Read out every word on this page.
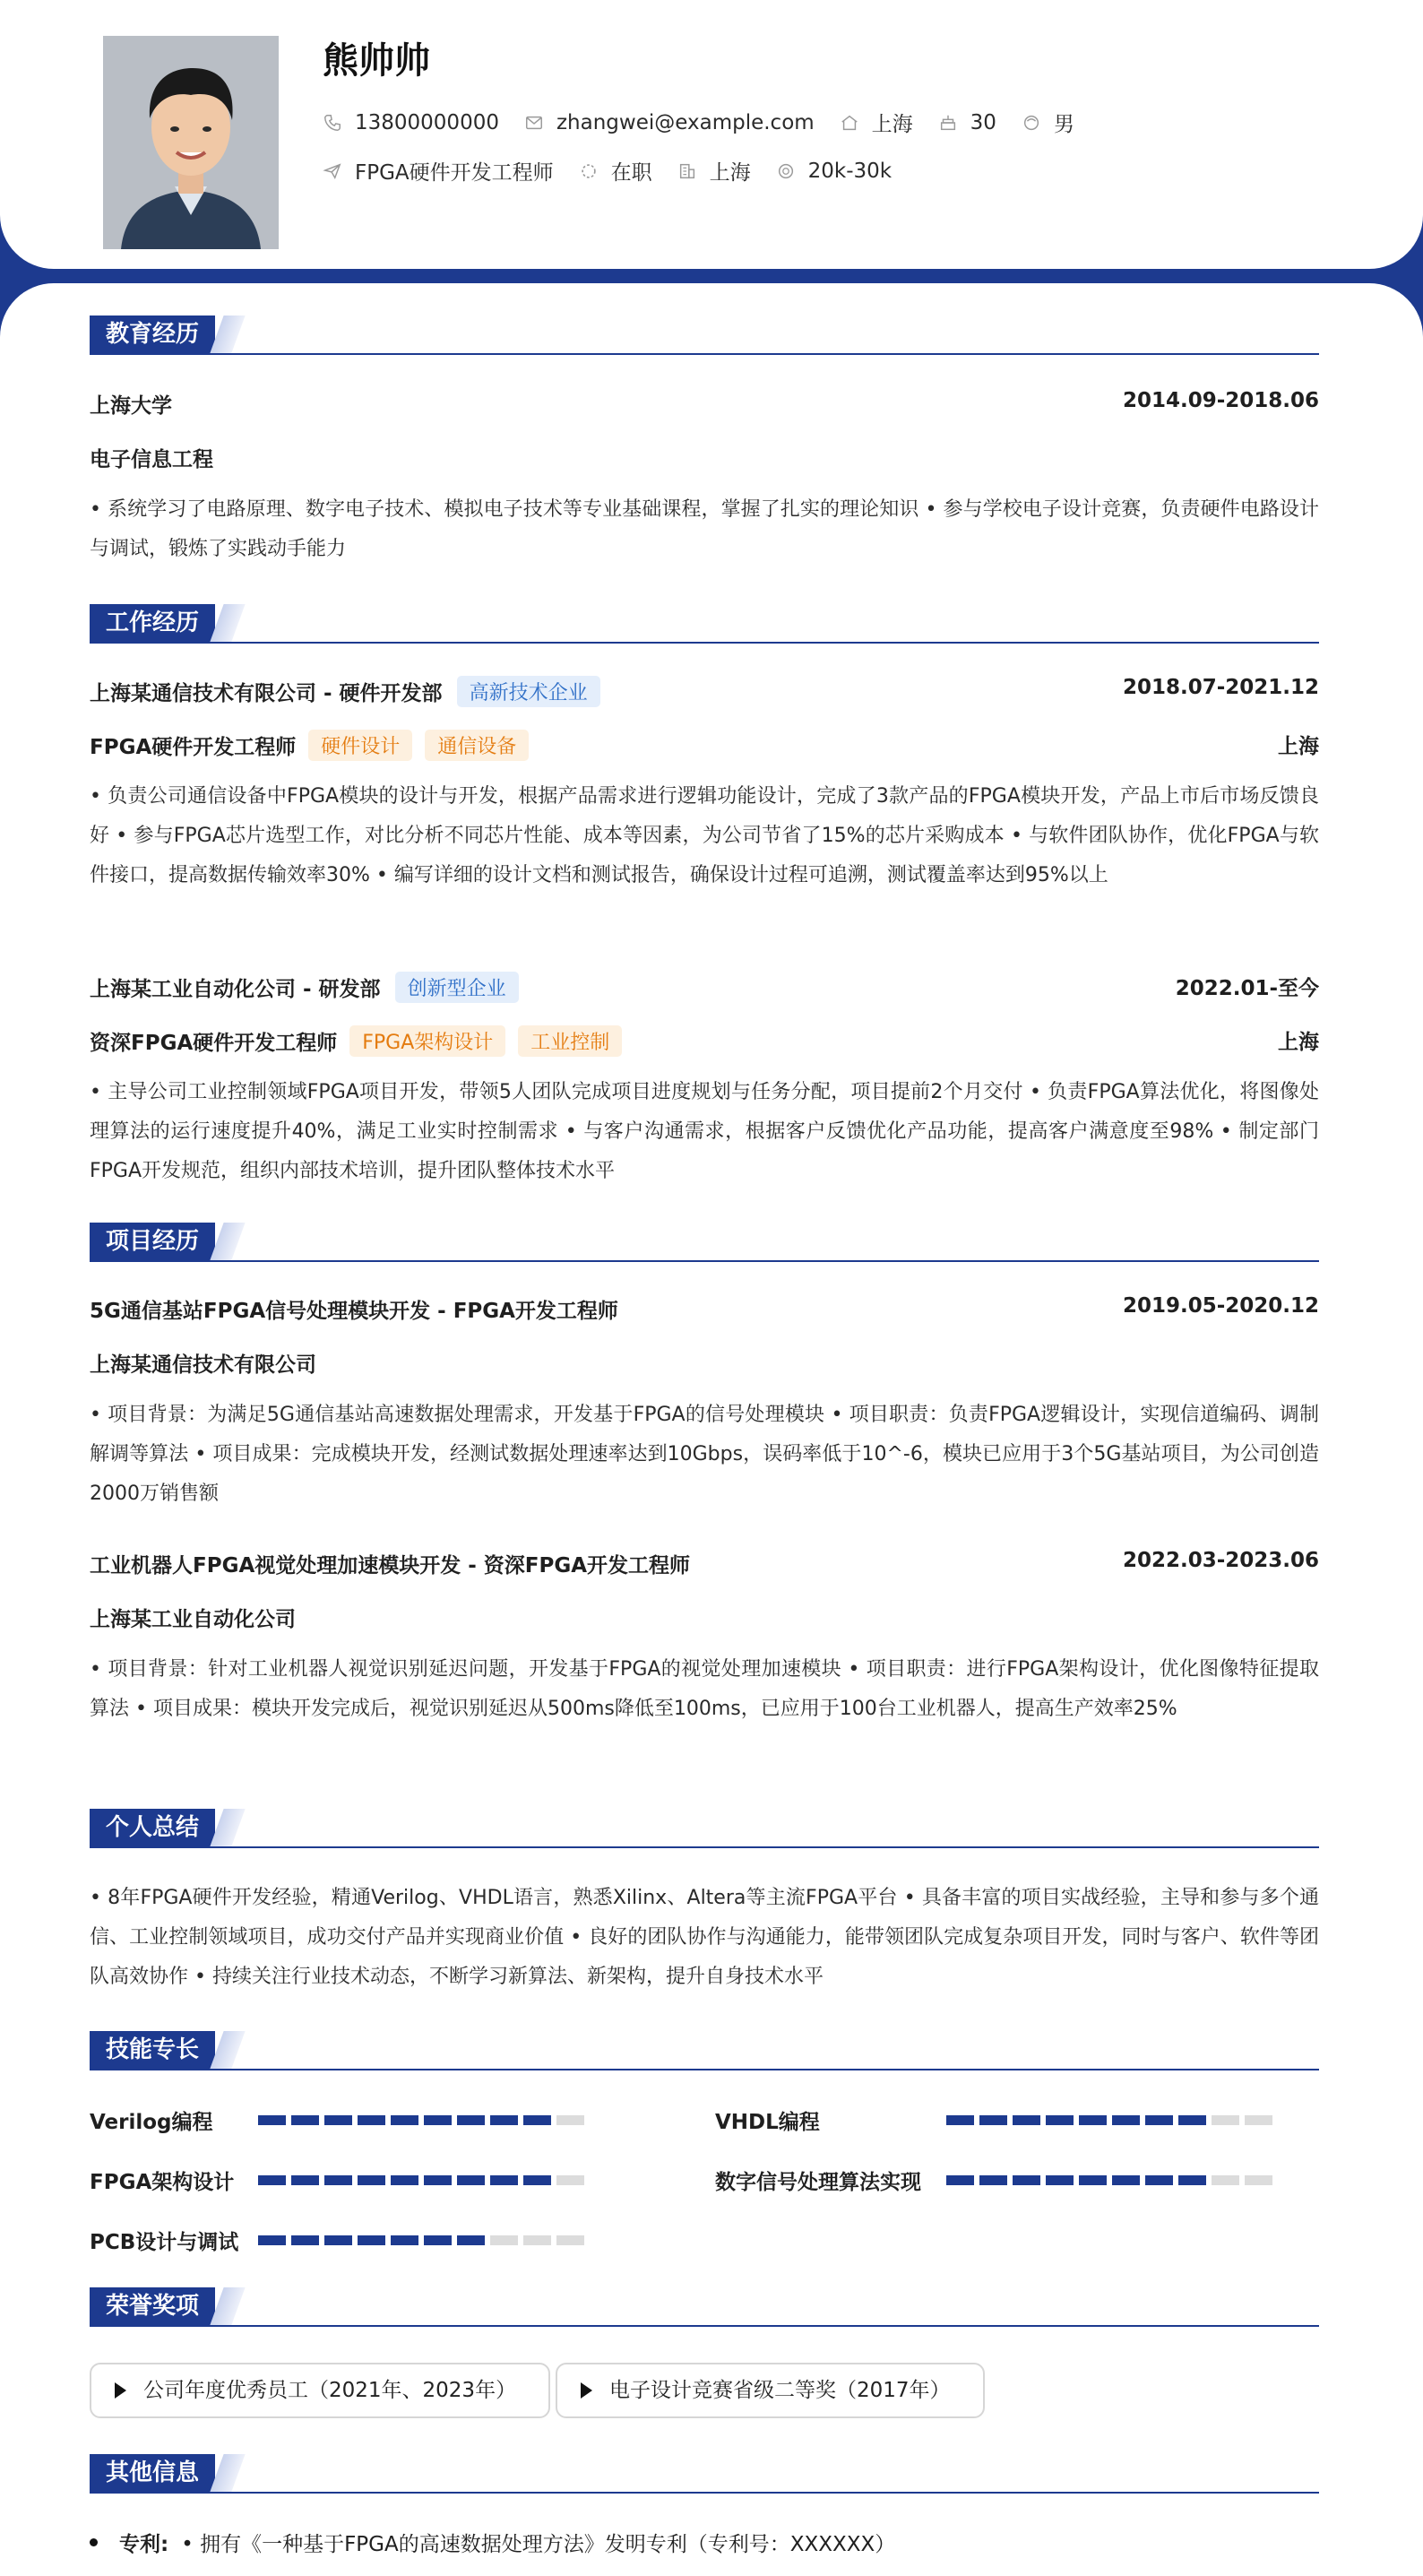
熊帅帅
13800000000	zhangwei@example.com	上海	30	男
FPGA硬件开发工程师	在职	上海	20k-30k
教育经历
上海大学	2014.09-2018.06
电子信息工程
• 系统学习了电路原理、数字电子技术、模拟电子技术等专业基础课程，掌握了扎实的理论知识 • 参与学校电子设计竞赛，负责硬件电路设计与调试，锻炼了实践动手能力
工作经历
上海某通信技术有限公司 - 硬件开发部	高新技术企业	2018.07-2021.12
FPGA硬件开发工程师	硬件设计	通信设备	上海
• 负责公司通信设备中FPGA模块的设计与开发，根据产品需求进行逻辑功能设计，完成了3款产品的FPGA模块开发，产品上市后市场反馈良好 • 参与FPGA芯片选型工作，对比分析不同芯片性能、成本等因素，为公司节省了15%的芯片采购成本 • 与软件团队协作，优化FPGA与软件接口，提高数据传输效率30% • 编写详细的设计文档和测试报告，确保设计过程可追溯，测试覆盖率达到95%以上
上海某工业自动化公司 - 研发部	创新型企业	2022.01-至今
资深FPGA硬件开发工程师	FPGA架构设计	工业控制	上海
• 主导公司工业控制领域FPGA项目开发，带领5人团队完成项目进度规划与任务分配，项目提前2个月交付 • 负责FPGA算法优化，将图像处理算法的运行速度提升40%，满足工业实时控制需求 • 与客户沟通需求，根据客户反馈优化产品功能，提高客户满意度至98% • 制定部门FPGA开发规范，组织内部技术培训，提升团队整体技术水平
项目经历
5G通信基站FPGA信号处理模块开发 - FPGA开发工程师	2019.05-2020.12
上海某通信技术有限公司
• 项目背景：为满足5G通信基站高速数据处理需求，开发基于FPGA的信号处理模块 • 项目职责：负责FPGA逻辑设计，实现信道编码、调制解调等算法 • 项目成果：完成模块开发，经测试数据处理速率达到10Gbps，误码率低于10^-6，模块已应用于3个5G基站项目，为公司创造2000万销售额
工业机器人FPGA视觉处理加速模块开发 - 资深FPGA开发工程师	2022.03-2023.06
上海某工业自动化公司
• 项目背景：针对工业机器人视觉识别延迟问题，开发基于FPGA的视觉处理加速模块 • 项目职责：进行FPGA架构设计，优化图像特征提取算法 • 项目成果：模块开发完成后，视觉识别延迟从500ms降低至100ms，已应用于100台工业机器人，提高生产效率25%
个人总结
• 8年FPGA硬件开发经验，精通Verilog、VHDL语言，熟悉Xilinx、Altera等主流FPGA平台 • 具备丰富的项目实战经验，主导和参与多个通信、工业控制领域项目，成功交付产品并实现商业价值 • 良好的团队协作与沟通能力，能带领团队完成复杂项目开发，同时与客户、软件等团队高效协作 • 持续关注行业技术动态，不断学习新算法、新架构，提升自身技术水平
技能专长
Verilog编程	VHDL编程
FPGA架构设计	数字信号处理算法实现
PCB设计与调试
荣誉奖项
公司年度优秀员工（2021年、2023年）	电子设计竞赛省级二等奖（2017年）
其他信息
专利: • 拥有《一种基于FPGA的高速数据处理方法》发明专利（专利号：XXXXXX）
